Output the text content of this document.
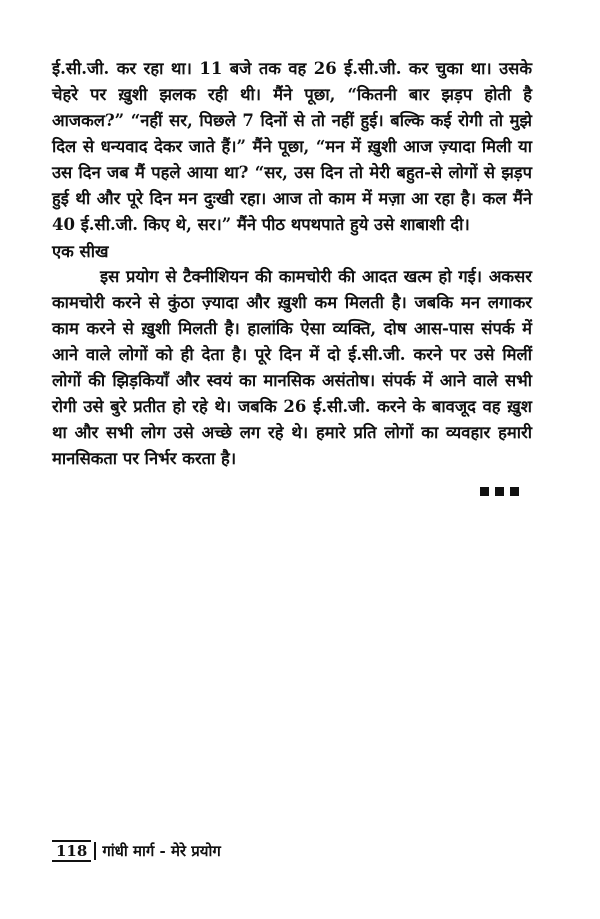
ई.सी.जी. कर रहा था। 11 बजे तक वह 26 ई.सी.जी. कर चुका था। उसके चेहरे पर ख़ुशी झलक रही थी। मैंने पूछा, “कितनी बार झड़प होती है आजकल?” “नहीं सर, पिछले 7 दिनों से तो नहीं हुई। बल्कि कई रोगी तो मुझे दिल से धन्यवाद देकर जाते हैं।” मैंने पूछा, “मन में ख़ुशी आज ज़्यादा मिली या उस दिन जब मैं पहले आया था? “सर, उस दिन तो मेरी बहुत-से लोगों से झड़प हुई थी और पूरे दिन मन दुःखी रहा। आज तो काम में मज़ा आ रहा है। कल मैंने 40 ई.सी.जी. किए थे, सर।” मैंने पीठ थपथपाते हुये उसे शाबाशी दी।

एक सीख

इस प्रयोग से टैक्नीशियन की कामचोरी की आदत खत्म हो गई। अकसर कामचोरी करने से कुंठा ज़्यादा और ख़ुशी कम मिलती है। जबकि मन लगाकर काम करने से ख़ुशी मिलती है। हालांकि ऐसा व्यक्ति, दोष आस-पास संपर्क में आने वाले लोगों को ही देता है। पूरे दिन में दो ई.सी.जी. करने पर उसे मिलीं लोगों की झिड़कियाँ और स्वयं का मानसिक असंतोष। संपर्क में आने वाले सभी रोगी उसे बुरे प्रतीत हो रहे थे। जबकि 26 ई.सी.जी. करने के बावजूद वह ख़ुश था और सभी लोग उसे अच्छे लग रहे थे। हमारे प्रति लोगों का व्यवहार हमारी मानसिकता पर निर्भर करता है।

118 गांधी मार्ग - मेरे प्रयोग
